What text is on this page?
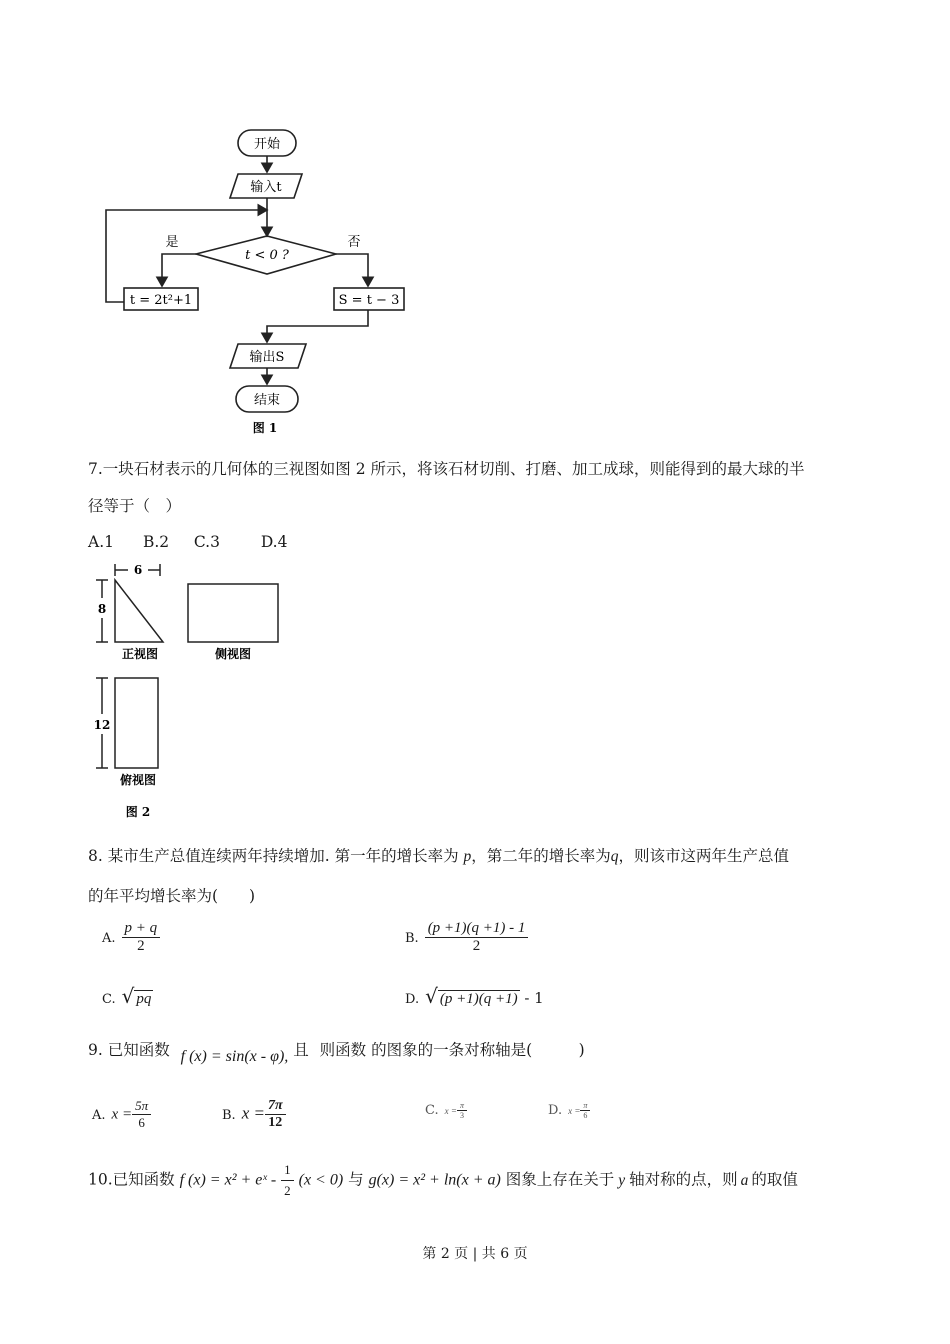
开始
输入t
t < 0 ?
是	否
t = 2t²+1	S = t − 3
输出S
结束
图 1
7.一块石材表示的几何体的三视图如图 2 所示，将该石材切削、打磨、加工成球，则能得到的最大球的半
径等于（　）
A.1 B.2 C.3	D.4
6
8
正视图	侧视图
12
俯视图
图 2
8. 某市生产总值连续两年持续增加. 第一年的增长率为 p，第二年的增长率为q，则该市这两年生产总值
的年平均增长率为(　　)
A. $\frac{p + q}{2}$	B. $\frac{(p +1)(q +1) - 1}{2}$
C. √ pq	D. √ (p +1)(q +1) - 1
9. 已知函数 f (x) = sin(x - φ), 且 则函数 的图象的一条对称轴是(　　　)
A. $x = \frac{5\pi}{6}$	B. $x = \frac{7\pi}{12}$	C. $x = \frac{\pi}{3}$	D. $x = \frac{\pi}{6}$
10.已知函数 f (x) = x² + eˣ - $\frac{1}{2} (x < 0)$ 与 g(x) = x² + ln(x + a) 图象上存在关于 y 轴对称的点，则 a 的取值
第 2 页 | 共 6 页
